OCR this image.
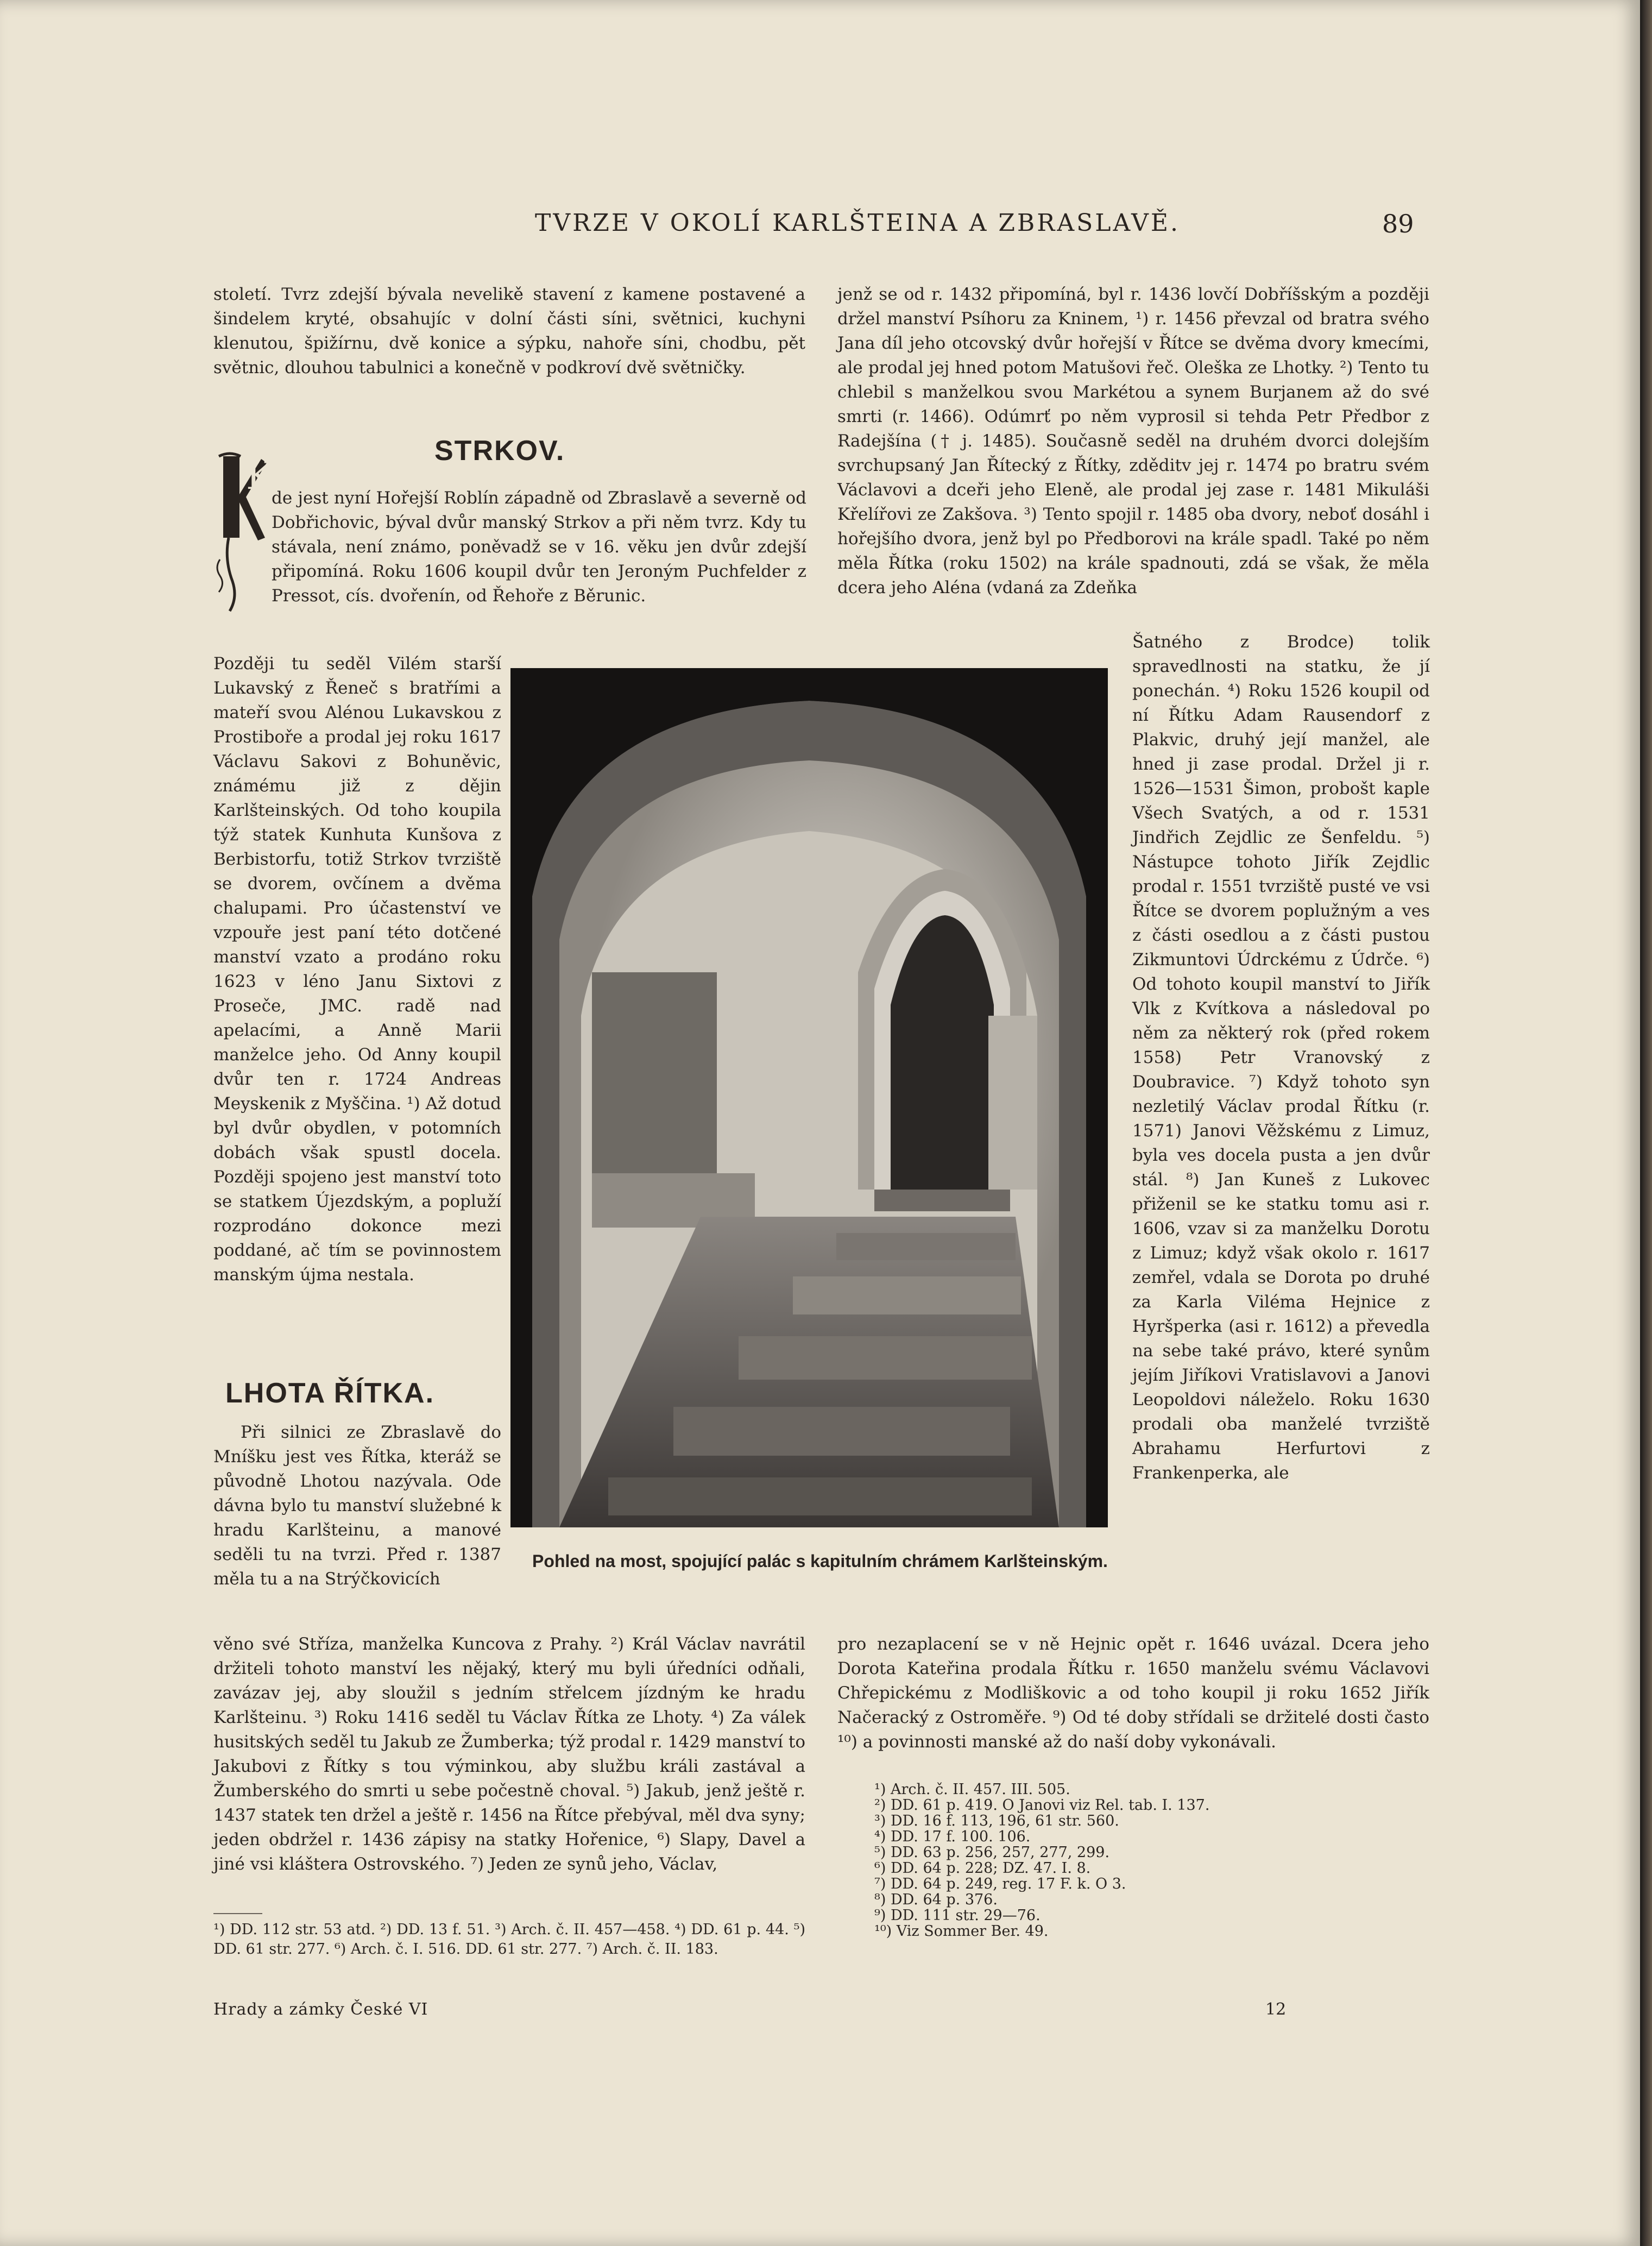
TVRZE V OKOLÍ KARLŠTEINA A ZBRASLAVĚ.	89

století. Tvrz zdejší bývala nevelikě stavení z kamene postavené a šindelem kryté, obsahujíc v dolní části síni, světnici, kuchyni klenutou, špižírnu, dvě konice a sýpku, nahoře síni, chodbu, pět světnic, dlouhou tabulnici a konečně v podkroví dvě světničky.

STRKOV.
K

de jest nyní Hořejší Roblín západně od Zbraslavě a severně od Dobřichovic, býval dvůr manský Strkov a při něm tvrz. Kdy tu stávala, není známo, poněvadž se v 16. věku jen dvůr zdejší připomíná. Roku 1606 koupil dvůr ten Jeroným Puchfelder z Pressot, cís. dvořenín, od Řehoře z Běrunic.

Později tu seděl Vilém starší Lukavský z Řeneč s bratřími a mateří svou Alénou Lukavskou z Prostiboře a prodal jej roku 1617 Václavu Sakovi z Bohuněvic, známému již z dějin Karlšteinských. Od toho koupila týž statek Kunhuta Kunšova z Berbistorfu, totiž Strkov tvrziště se dvorem, ovčínem a dvěma chalupami. Pro účastenství ve vzpouře jest paní této dotčené manství vzato a prodáno roku 1623 v léno Janu Sixtovi z Proseče, JMC. radě nad apelacími, a Anně Marii manželce jeho. Od Anny koupil dvůr ten r. 1724 Andreas Meyskenik z Myščina. ¹) Až dotud byl dvůr obydlen, v potomních dobách však spustl docela. Později spojeno jest manství toto se statkem Újezdským, a popluží rozprodáno dokonce mezi poddané, ač tím se povinnostem manským újma nestala.

LHOTA ŘÍTKA.

Při silnici ze Zbraslavě do Mníšku jest ves Řítka, kteráž se původně Lhotou nazývala. Ode dávna bylo tu manství služebné k hradu Karlšteinu, a manové seděli tu na tvrzi. Před r. 1387 měla tu a na Strýčkovicích

věno své Stříza, manželka Kuncova z Prahy. ²) Král Václav navrátil držiteli tohoto manství les nějaký, který mu byli úředníci odňali, zavázav jej, aby sloužil s jedním střelcem jízdným ke hradu Karlšteinu. ³) Roku 1416 seděl tu Václav Řítka ze Lhoty. ⁴) Za válek husitských seděl tu Jakub ze Žumberka; týž prodal r. 1429 manství to Jakubovi z Řítky s tou výminkou, aby službu králi zastával a Žumberského do smrti u sebe počestně choval. ⁵) Jakub, jenž ještě r. 1437 statek ten držel a ještě r. 1456 na Řítce přebýval, měl dva syny; jeden obdržel r. 1436 zápisy na statky Hořenice, ⁶) Slapy, Davel a jiné vsi kláštera Ostrovského. ⁷) Jeden ze synů jeho, Václav,

jenž se od r. 1432 připomíná, byl r. 1436 lovčí Dobříšským a později držel manství Psíhoru za Kninem, ¹) r. 1456 převzal od bratra svého Jana díl jeho otcovský dvůr hořejší v Řítce se dvěma dvory kmecími, ale prodal jej hned potom Matušovi řeč. Oleška ze Lhotky. ²) Tento tu chlebil s manželkou svou Markétou a synem Burjanem až do své smrti (r. 1466). Odúmrť po něm vyprosil si tehda Petr Předbor z Radejšína († j. 1485). Současně seděl na druhém dvorci dolejším svrchupsaný Jan Řítecký z Řítky, zděditv jej r. 1474 po bratru svém Václavovi a dceři jeho Eleně, ale prodal jej zase r. 1481 Mikuláši Křelířovi ze Zakšova. ³) Tento spojil r. 1485 oba dvory, neboť dosáhl i hořejšího dvora, jenž byl po Předborovi na krále spadl. Také po něm měla Řítka (roku 1502) na krále spadnouti, zdá se však, že měla dcera jeho Aléna (vdaná za Zdeňka

Šatného z Brodce) tolik spravedlnosti na statku, že jí ponechán. ⁴) Roku 1526 koupil od ní Řítku Adam Rausendorf z Plakvic, druhý její manžel, ale hned ji zase prodal. Držel ji r. 1526—1531 Šimon, probošt kaple Všech Svatých, a od r. 1531 Jindřich Zejdlic ze Šenfeldu. ⁵) Nástupce tohoto Jiřík Zejdlic prodal r. 1551 tvrziště pusté ve vsi Řítce se dvorem poplužným a ves z části osedlou a z části pustou Zikmuntovi Údrckému z Údrče. ⁶) Od tohoto koupil manství to Jiřík Vlk z Kvítkova a následoval po něm za některý rok (před rokem 1558) Petr Vranovský z Doubravice. ⁷) Když tohoto syn nezletilý Václav prodal Řítku (r. 1571) Janovi Věžskému z Limuz, byla ves docela pusta a jen dvůr stál. ⁸) Jan Kuneš z Lukovec přiženil se ke statku tomu asi r. 1606, vzav si za manželku Dorotu z Limuz; když však okolo r. 1617 zemřel, vdala se Dorota po druhé za Karla Viléma Hejnice z Hyršperka (asi r. 1612) a převedla na sebe také právo, které synům jejím Jiříkovi Vratislavovi a Janovi Leopoldovi náleželo. Roku 1630 prodali oba manželé tvrziště Abrahamu Herfurtovi z Frankenperka, ale

pro nezaplacení se v ně Hejnic opět r. 1646 uvázal. Dcera jeho Dorota Kateřina prodala Řítku r. 1650 manželu svému Václavovi Chřepickému z Modliškovic a od toho koupil ji roku 1652 Jiřík Načeracký z Ostroměře. ⁹) Od té doby střídali se držitelé dosti často ¹⁰) a povinnosti manské až do naší doby vykonávali.

Pohled na most, spojující palác s kapitulním chrámem Karlšteinským.
¹) DD. 112 str. 53 atd. ²) DD. 13 f. 51. ³) Arch. č. II. 457—458. ⁴) DD. 61 p. 44. ⁵) DD. 61 str. 277. ⁶) Arch. č. I. 516. DD. 61 str. 277. ⁷) Arch. č. II. 183.
¹) Arch. č. II. 457. III. 505.
²) DD. 61 p. 419. O Janovi viz Rel. tab. I. 137.
³) DD. 16 f. 113, 196, 61 str. 560.
⁴) DD. 17 f. 100. 106.
⁵) DD. 63 p. 256, 257, 277, 299.
⁶) DD. 64 p. 228; DZ. 47. I. 8.
⁷) DD. 64 p. 249, reg. 17 F. k. O 3.
⁸) DD. 64 p. 376.
⁹) DD. 111 str. 29—76.
¹⁰) Viz Sommer Ber. 49.
Hrady a zámky České VI	12
